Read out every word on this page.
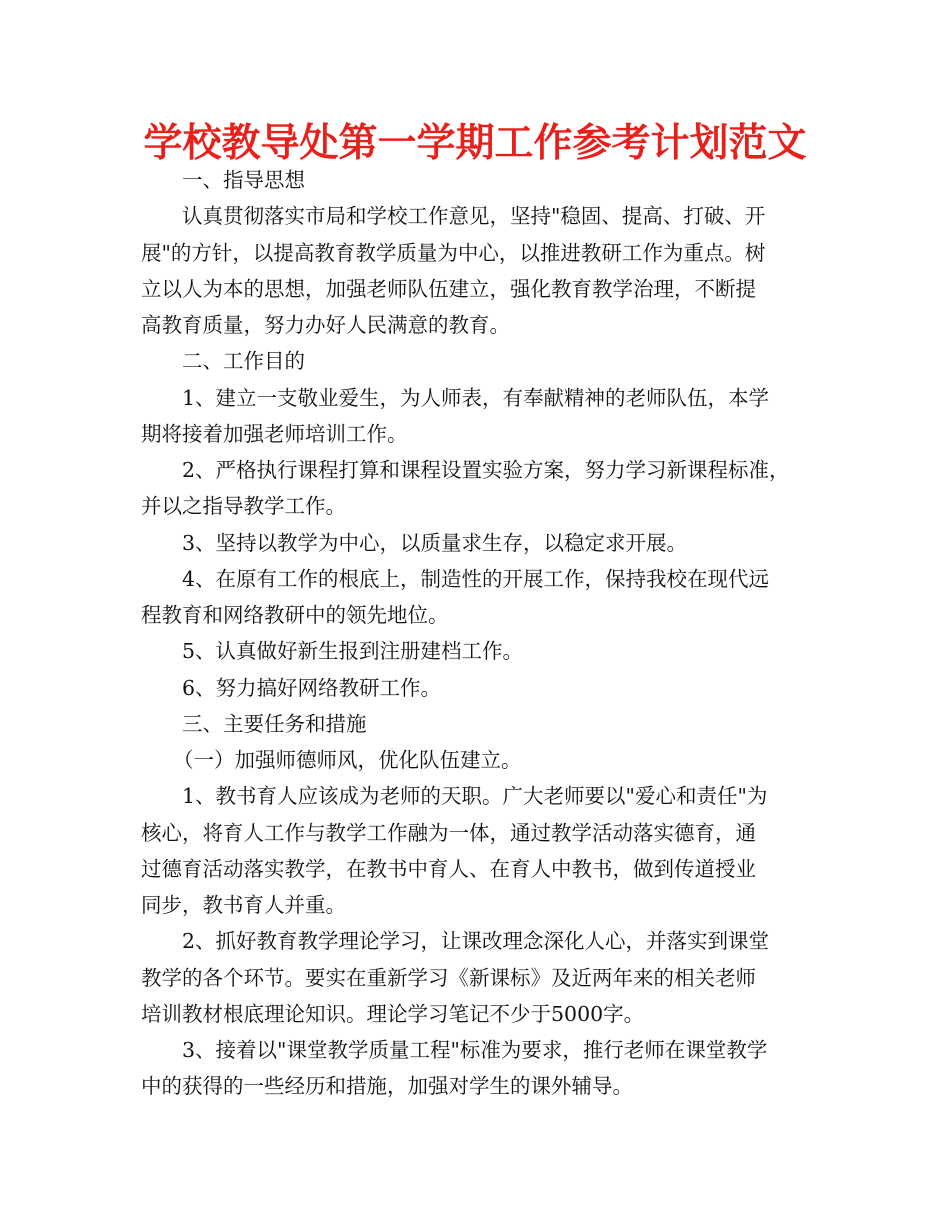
学校教导处第一学期工作参考计划范文
一、指导思想
认真贯彻落实市局和学校工作意见，坚持"稳固、提高、打破、开
展"的方针，以提高教育教学质量为中心，以推进教研工作为重点。树
立以人为本的思想，加强老师队伍建立，强化教育教学治理，不断提
高教育质量，努力办好人民满意的教育。
二、工作目的
1、建立一支敬业爱生，为人师表，有奉献精神的老师队伍，本学
期将接着加强老师培训工作。
2、严格执行课程打算和课程设置实验方案，努力学习新课程标准，
并以之指导教学工作。
3、坚持以教学为中心，以质量求生存，以稳定求开展。
4、在原有工作的根底上，制造性的开展工作，保持我校在现代远
程教育和网络教研中的领先地位。
5、认真做好新生报到注册建档工作。
6、努力搞好网络教研工作。
三、主要任务和措施
（一）加强师德师风，优化队伍建立。
1、教书育人应该成为老师的天职。广大老师要以"爱心和责任"为
核心，将育人工作与教学工作融为一体，通过教学活动落实德育，通
过德育活动落实教学，在教书中育人、在育人中教书，做到传道授业
同步，教书育人并重。
2、抓好教育教学理论学习，让课改理念深化人心，并落实到课堂
教学的各个环节。要实在重新学习《新课标》及近两年来的相关老师
培训教材根底理论知识。理论学习笔记不少于5000字。
3、接着以"课堂教学质量工程"标准为要求，推行老师在课堂教学
中的获得的一些经历和措施，加强对学生的课外辅导。
